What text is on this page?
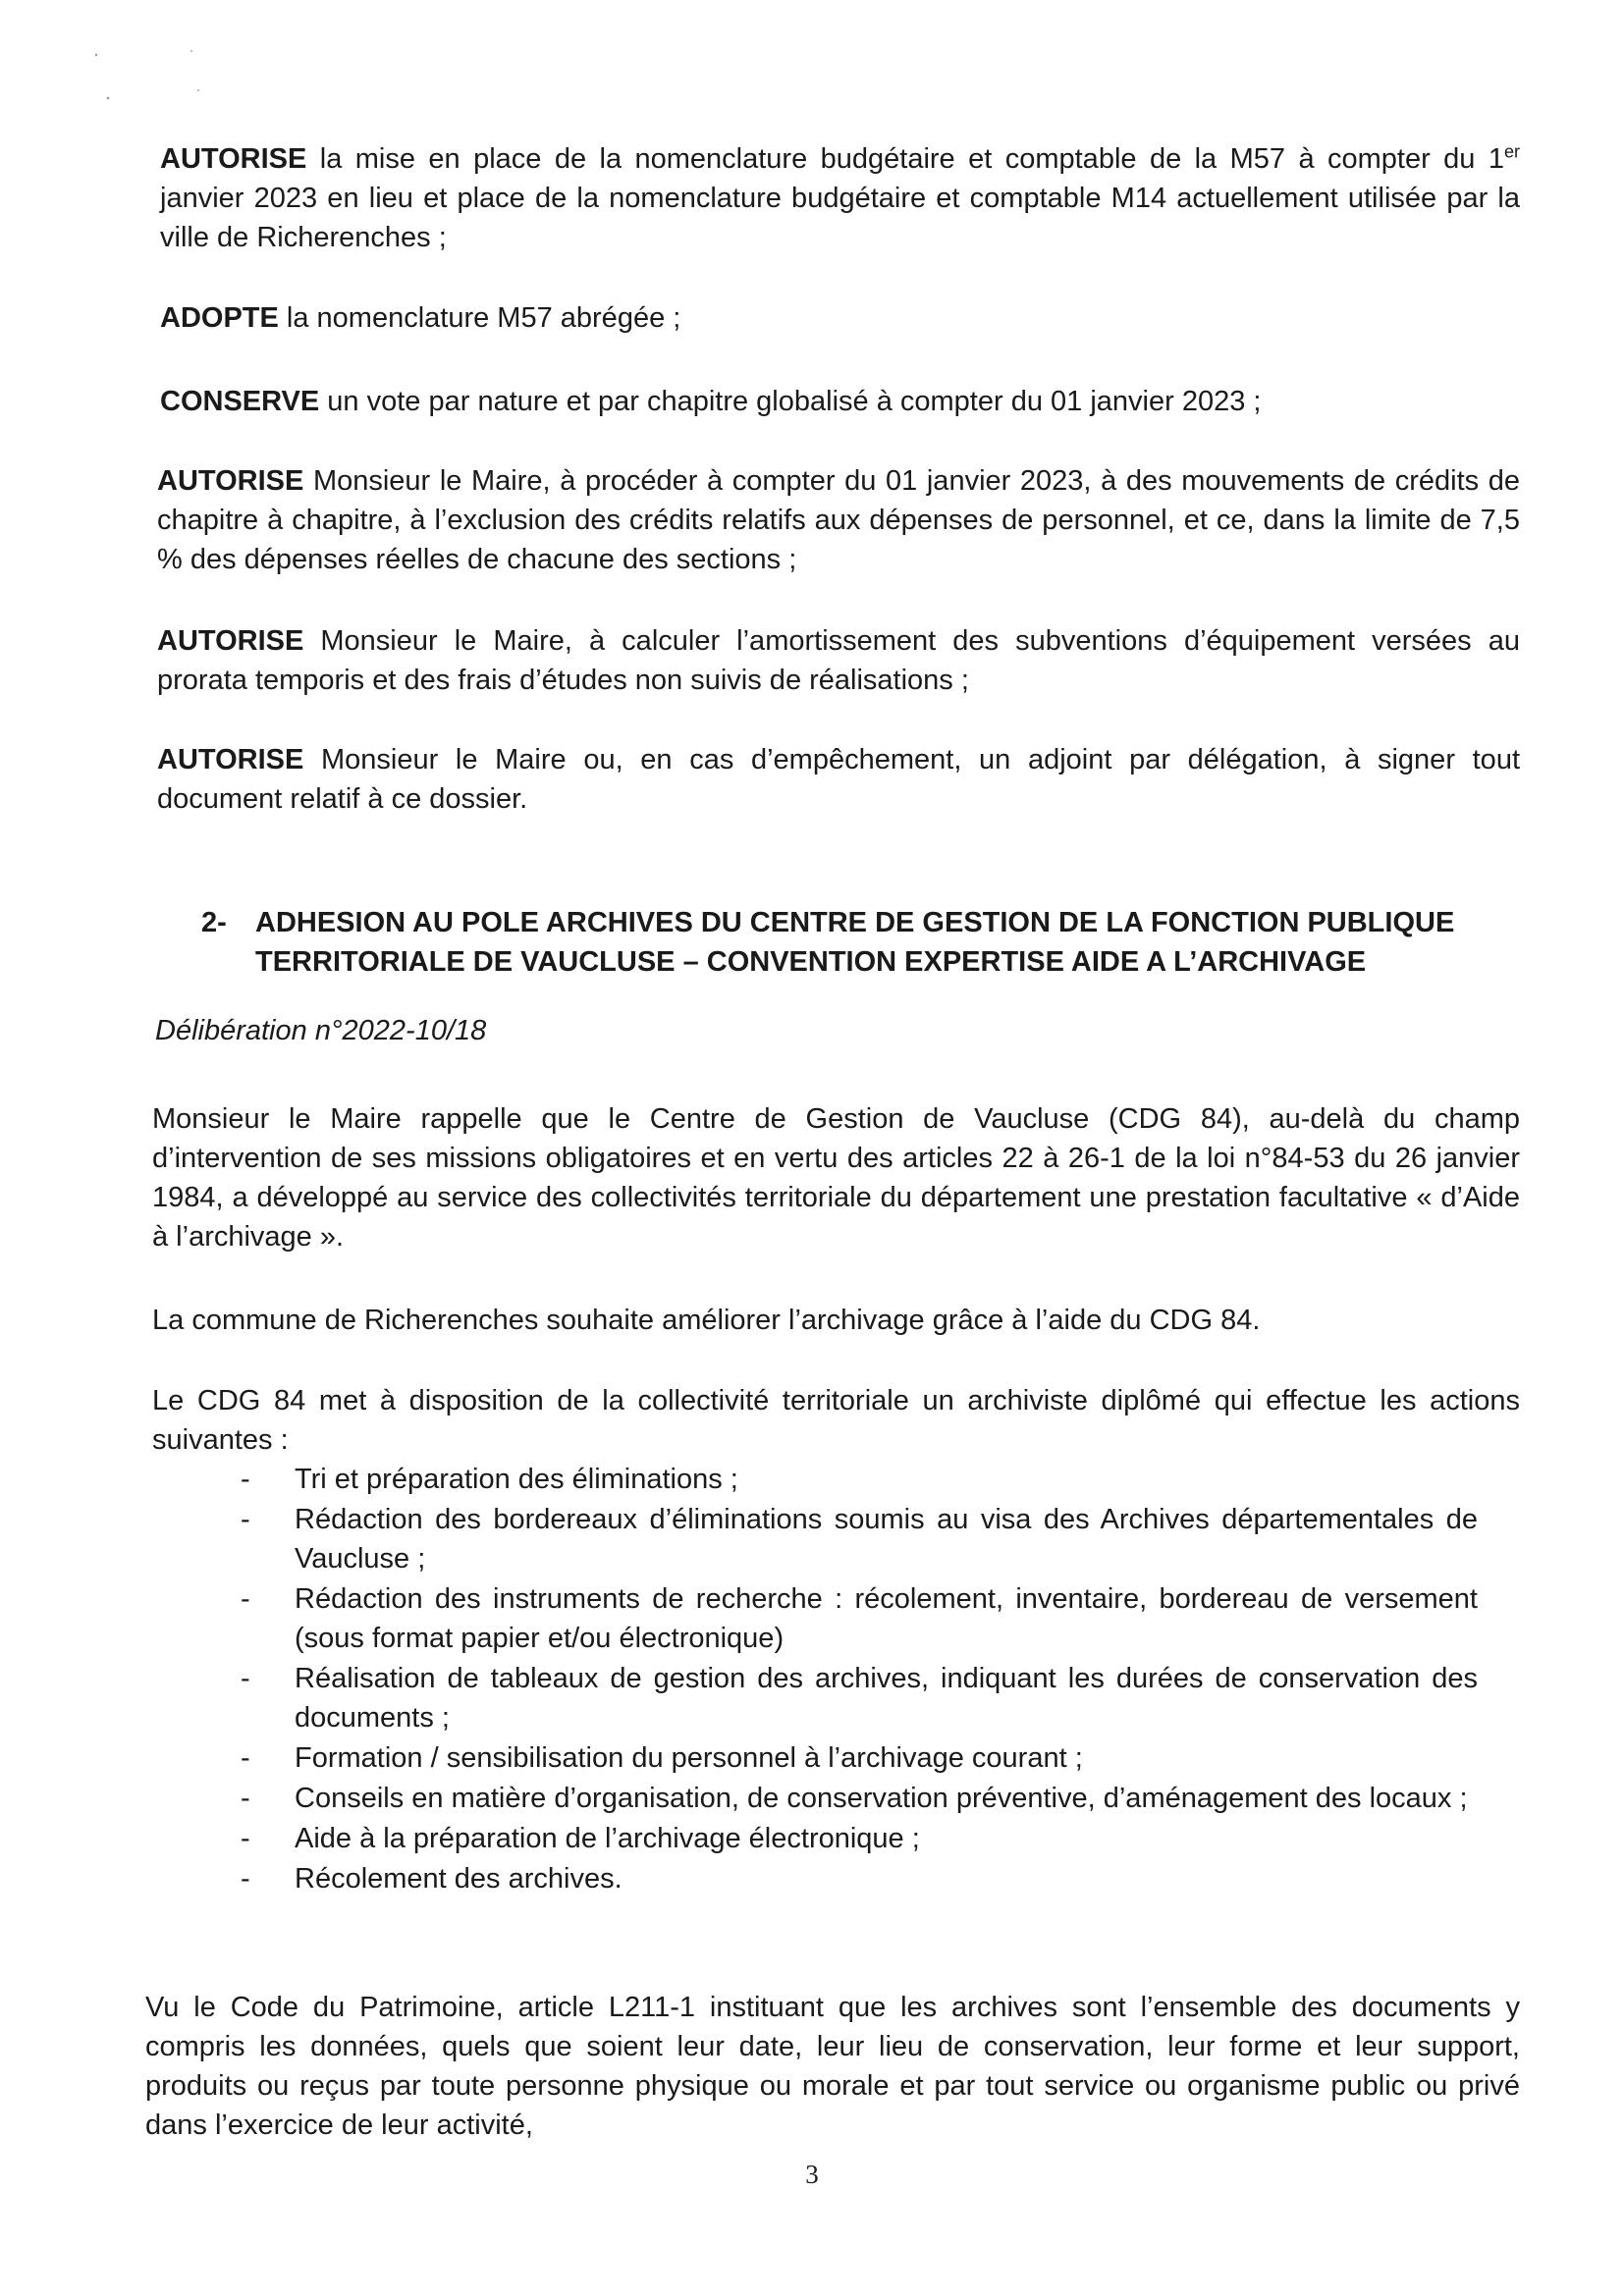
AUTORISE la mise en place de la nomenclature budgétaire et comptable de la M57 à compter du 1er janvier 2023 en lieu et place de la nomenclature budgétaire et comptable M14 actuellement utilisée par la ville de Richerenches ;

ADOPTE la nomenclature M57 abrégée ;

CONSERVE un vote par nature et par chapitre globalisé à compter du 01 janvier 2023 ;

AUTORISE Monsieur le Maire, à procéder à compter du 01 janvier 2023, à des mouvements de crédits de chapitre à chapitre, à l’exclusion des crédits relatifs aux dépenses de personnel, et ce, dans la limite de 7,5 % des dépenses réelles de chacune des sections ;

AUTORISE Monsieur le Maire, à calculer l’amortissement des subventions d’équipement versées au prorata temporis et des frais d’études non suivis de réalisations ;

AUTORISE Monsieur le Maire ou, en cas d’empêchement, un adjoint par délégation, à signer tout document relatif à ce dossier.

2- ADHESION AU POLE ARCHIVES DU CENTRE DE GESTION DE LA FONCTION PUBLIQUE
TERRITORIALE DE VAUCLUSE – CONVENTION EXPERTISE AIDE A L’ARCHIVAGE

Délibération n°2022-10/18

Monsieur le Maire rappelle que le Centre de Gestion de Vaucluse (CDG 84), au-delà du champ d’intervention de ses missions obligatoires et en vertu des articles 22 à 26-1 de la loi n°84-53 du 26 janvier 1984, a développé au service des collectivités territoriale du département une prestation facultative « d’Aide à l’archivage ».

La commune de Richerenches souhaite améliorer l’archivage grâce à l’aide du CDG 84.

Le CDG 84 met à disposition de la collectivité territoriale un archiviste diplômé qui effectue les actions suivantes :

- Tri et préparation des éliminations ;
- Rédaction des bordereaux d’éliminations soumis au visa des Archives départementales de Vaucluse ;
- Rédaction des instruments de recherche : récolement, inventaire, bordereau de versement (sous format papier et/ou électronique)
- Réalisation de tableaux de gestion des archives, indiquant les durées de conservation des documents ;
- Formation / sensibilisation du personnel à l’archivage courant ;
- Conseils en matière d’organisation, de conservation préventive, d’aménagement des locaux ;
- Aide à la préparation de l’archivage électronique ;
- Récolement des archives.

Vu le Code du Patrimoine, article L211-1 instituant que les archives sont l’ensemble des documents y compris les données, quels que soient leur date, leur lieu de conservation, leur forme et leur support, produits ou reçus par toute personne physique ou morale et par tout service ou organisme public ou privé dans l’exercice de leur activité,

3
